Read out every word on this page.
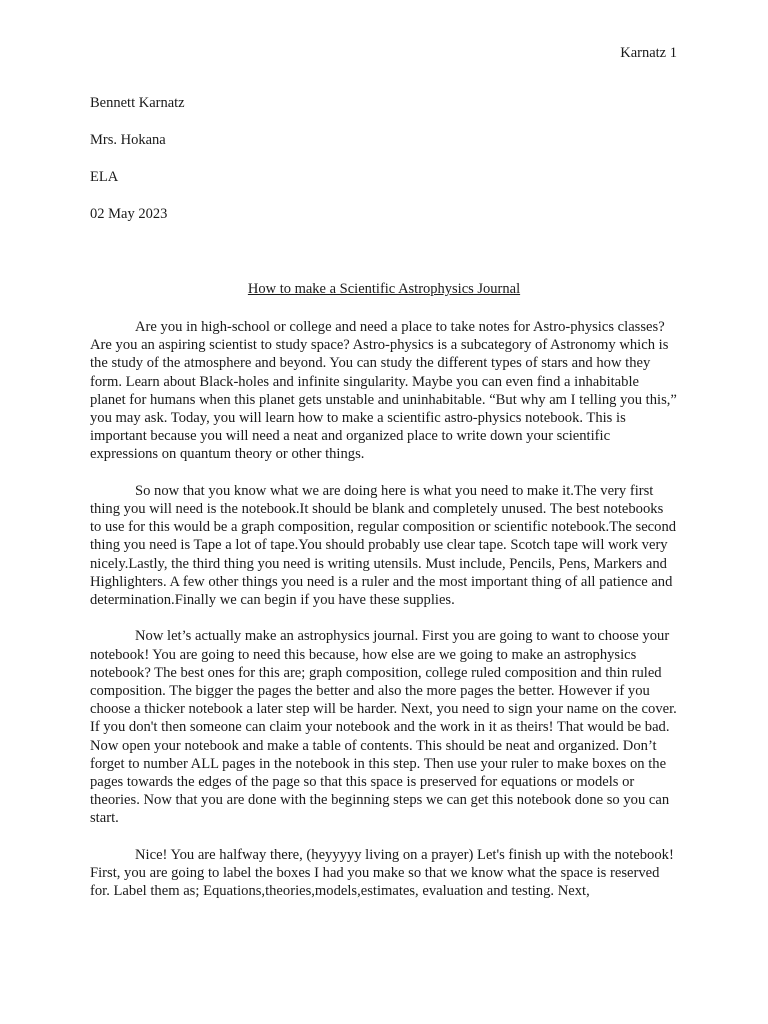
Karnatz 1
Bennett Karnatz
Mrs. Hokana
ELA
02 May 2023
How to make a Scientific Astrophysics Journal

Are you in high-school or college and need a place to take notes for Astro-physics classes? Are you an aspiring scientist to study space? Astro-physics is a subcategory of Astronomy which is the study of the atmosphere and beyond. You can study the different types of stars and how they form. Learn about Black-holes and infinite singularity. Maybe you can even find a inhabitable planet for humans when this planet gets unstable and uninhabitable. “But why am I telling you this,” you may ask. Today, you will learn how to make a scientific astro-physics notebook. This is important because you will need a neat and organized place to write down your scientific expressions on quantum theory or other things.

So now that you know what we are doing here is what you need to make it.The very first thing you will need is the notebook.It should be blank and completely unused. The best notebooks to use for this would be a graph composition, regular composition or scientific notebook.The second thing you need is Tape a lot of tape.You should probably use clear tape. Scotch tape will work very nicely.Lastly, the third thing you need is writing utensils. Must include, Pencils, Pens, Markers and Highlighters. A few other things you need is a ruler and the most important thing of all patience and determination.Finally we can begin if you have these supplies.

Now let’s actually make an astrophysics journal. First you are going to want to choose your notebook! You are going to need this because, how else are we going to make an astrophysics notebook? The best ones for this are; graph composition, college ruled composition and thin ruled composition. The bigger the pages the better and also the more pages the better. However if you choose a thicker notebook a later step will be harder. Next, you need to sign your name on the cover. If you don't then someone can claim your notebook and the work in it as theirs! That would be bad. Now open your notebook and make a table of contents. This should be neat and organized. Don’t forget to number ALL pages in the notebook in this step. Then use your ruler to make boxes on the pages towards the edges of the page so that this space is preserved for equations or models or theories. Now that you are done with the beginning steps we can get this notebook done so you can start.

Nice! You are halfway there, (heyyyyy living on a prayer) Let's finish up with the notebook! First, you are going to label the boxes I had you make so that we know what the space is reserved for. Label them as; Equations,theories,models,estimates, evaluation and testing. Next,
